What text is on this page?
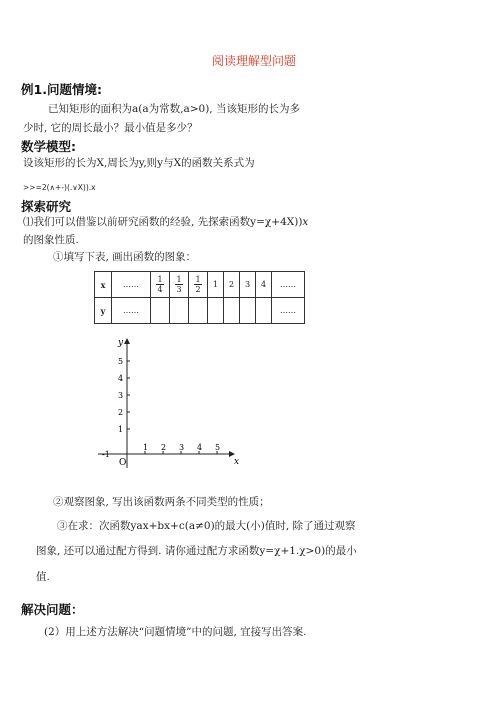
阅读理解型问题
例1.问题情境:
已知矩形的面积为a(a为常数,a>0), 当该矩形的长为多
少时, 它的周长最小？最小值是多少？
数学模型:
设该矩形的长为X,周长为y,则y与X的函数关系式为
>>=2(∧+-)(.∨X)).x
探索研究
⑴我们可以借鉴以前研究函数的经验, 先探索函数y=χ+4X))x
的图象性质.
①填写下表, 画出函数的图象：
x	……	$\frac{1}{4}$	$\frac{1}{3}$	$\frac{1}{2}$	1	2	3	4	……
y	……								……
1 2 3 4 5
1
2
3
4
5
y
x
O
-1
②观察图象, 写出该函数两条不同类型的性质；
③在求：次函数yax+bx+c(a≠0)的最大(小)值时, 除了通过观察
图象, 还可以通过配方得到. 请你通过配方求函数y=χ+1.χ>0)的最小
值.
解决问题：
(2）用上述方法解决“问题情境”中的问题, 宜接写出答案.
